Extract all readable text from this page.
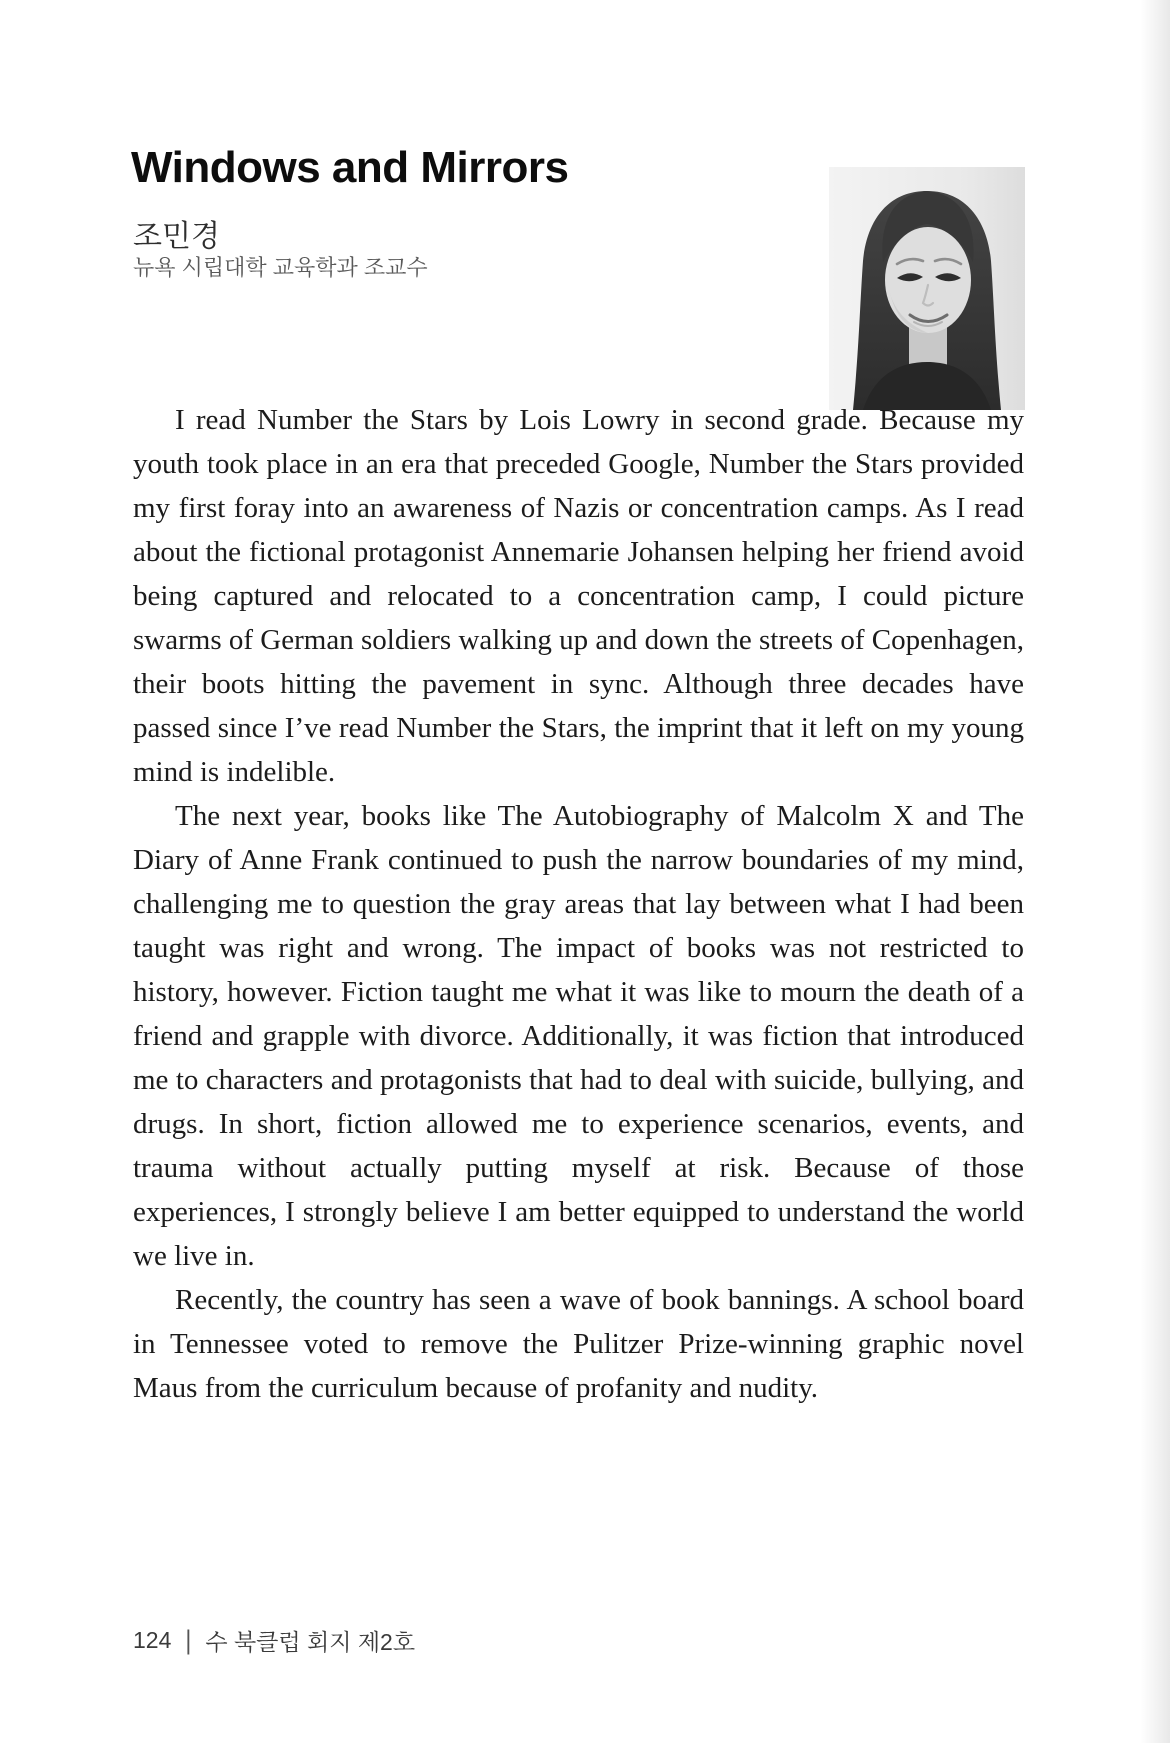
Windows and Mirrors
조민경
뉴욕 시립대학 교육학과 조교수

I read Number the Stars by Lois Lowry in second grade. Because my youth took place in an era that preceded Google, Number the Stars provided my first foray into an awareness of Nazis or concentration camps. As I read about the fictional protagonist Annemarie Johansen helping her friend avoid being captured and relocated to a concentration camp, I could picture swarms of German soldiers walking up and down the streets of Copenhagen, their boots hitting the pavement in sync. Although three decades have passed since I’ve read Number the Stars, the imprint that it left on my young mind is indelible.

The next year, books like The Autobiography of Malcolm X and The Diary of Anne Frank continued to push the narrow boundaries of my mind, challenging me to question the gray areas that lay between what I had been taught was right and wrong. The impact of books was not restricted to history, however. Fiction taught me what it was like to mourn the death of a friend and grapple with divorce. Additionally, it was fiction that introduced me to characters and protagonists that had to deal with suicide, bullying, and drugs. In short, fiction allowed me to experience scenarios, events, and trauma without actually putting myself at risk. Because of those experiences, I strongly believe I am better equipped to understand the world we live in.

Recently, the country has seen a wave of book bannings. A school board in Tennessee voted to remove the Pulitzer Prize-winning graphic novel Maus from the curriculum because of profanity and nudity.

124 | 수 북클럽 회지 제2호
